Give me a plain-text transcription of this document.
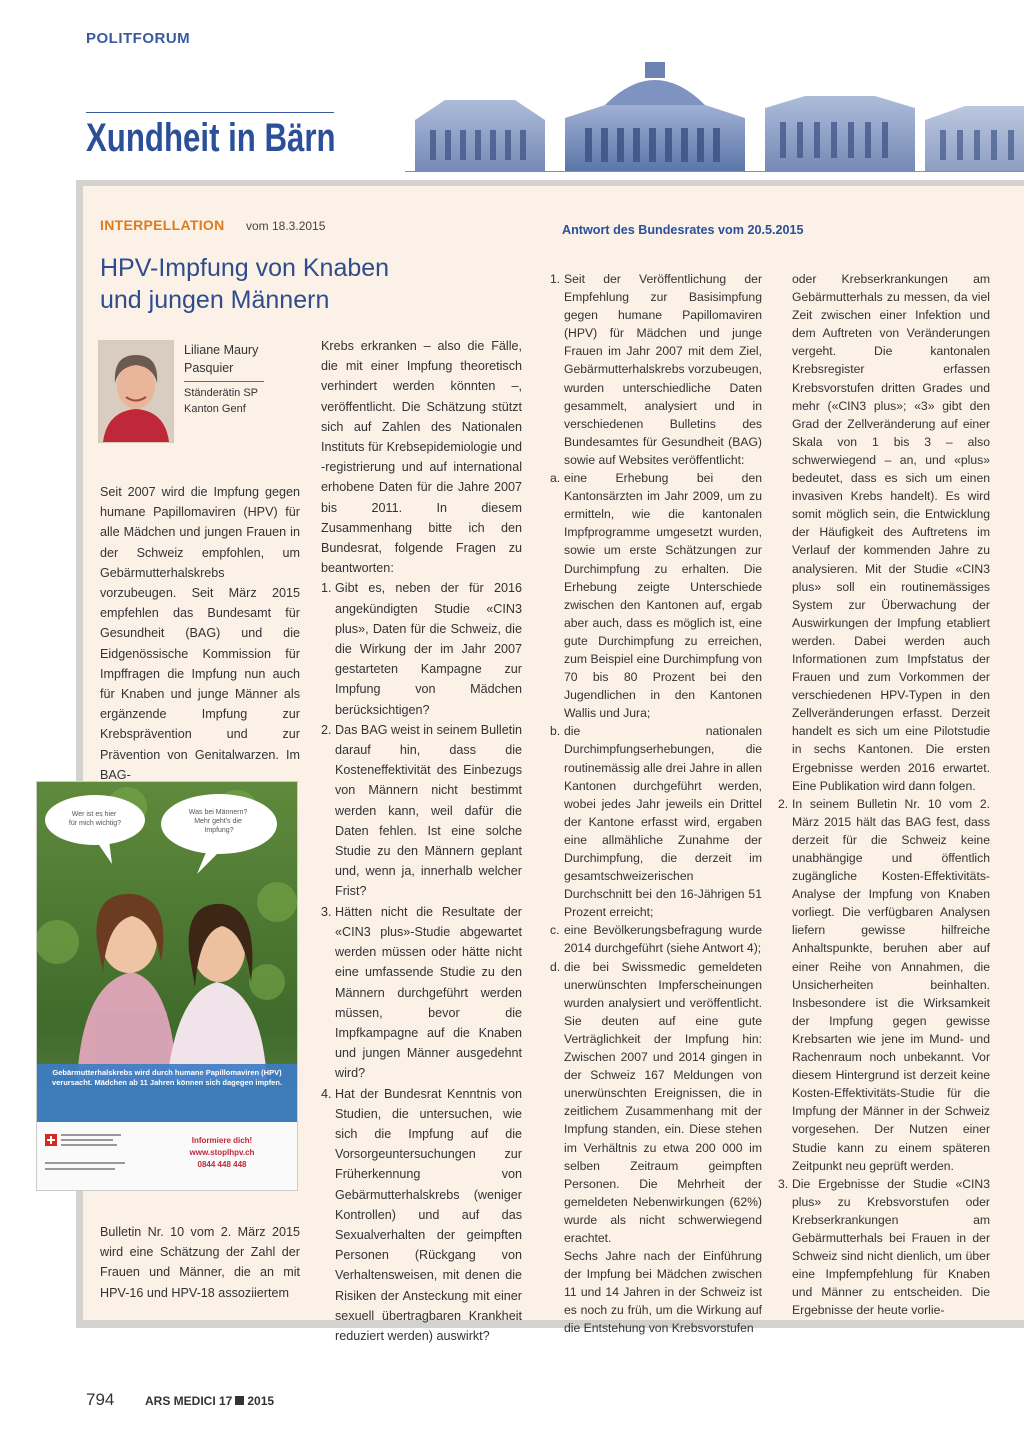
POLITFORUM
Xundheit in Bärn
INTERPELLATION vom 18.3.2015
HPV-Impfung von Knaben
und jungen Männern
Liliane Maury
Pasquier
Ständerätin SP
Kanton Genf

Seit 2007 wird die Impfung gegen humane Papillomaviren (HPV) für alle Mädchen und jungen Frauen in der Schweiz empfohlen, um Gebärmutterhalskrebs vorzubeugen. Seit März 2015 empfehlen das Bundesamt für Gesundheit (BAG) und die Eidgenössische Kommission für Impffragen die Impfung nun auch für Knaben und junge Männer als ergänzende Impfung zur Krebsprävention und zur Prävention von Genitalwarzen. Im BAG-

Bulletin Nr. 10 vom 2. März 2015 wird eine Schätzung der Zahl der Frauen und Männer, die an mit HPV-16 und HPV-18 assoziiertem

Wer ist es hier für mich wichtig?
Was bei Männern? Mehr geht's die Impfung?
Gebärmutterhalskrebs wird durch humane Papillomaviren (HPV) verursacht. Mädchen ab 11 Jahren können sich dagegen impfen.
Informiere dich!
www.stoplhpv.ch
0844 448 448

Krebs erkranken – also die Fälle, die mit einer Impfung theoretisch verhindert werden könnten –, veröffentlicht. Die Schätzung stützt sich auf Zahlen des Nationalen Instituts für Krebsepidemiologie und -registrierung und auf international erhobene Daten für die Jahre 2007 bis 2011. In diesem Zusammenhang bitte ich den Bundesrat, folgende Fragen zu beantworten:

1. Gibt es, neben der für 2016 angekündigten Studie «CIN3 plus», Daten für die Schweiz, die die Wirkung der im Jahr 2007 gestarteten Kampagne zur Impfung von Mädchen berücksichtigen?
2. Das BAG weist in seinem Bulletin darauf hin, dass die Kosteneffektivität des Einbezugs von Männern nicht bestimmt werden kann, weil dafür die Daten fehlen. Ist eine solche Studie zu den Männern geplant und, wenn ja, innerhalb welcher Frist?
3. Hätten nicht die Resultate der «CIN3 plus»-Studie abgewartet werden müssen oder hätte nicht eine umfassende Studie zu den Männern durchgeführt werden müssen, bevor die Impfkampagne auf die Knaben und jungen Männer ausgedehnt wird?
4. Hat der Bundesrat Kenntnis von Studien, die untersuchen, wie sich die Impfung auf die Vorsorgeuntersuchungen zur Früherkennung von Gebärmutterhalskrebs (weniger Kontrollen) und auf das Sexualverhalten der geimpften Personen (Rückgang von Verhaltensweisen, mit denen die Risiken der Ansteckung mit einer sexuell übertragbaren Krankheit reduziert werden) auswirkt?
Antwort des Bundesrates vom 20.5.2015
1. Seit der Veröffentlichung der Empfehlung zur Basisimpfung gegen humane Papillomaviren (HPV) für Mädchen und junge Frauen im Jahr 2007 mit dem Ziel, Gebärmutterhalskrebs vorzubeugen, wurden unterschiedliche Daten gesammelt, analysiert und in verschiedenen Bulletins des Bundesamtes für Gesundheit (BAG) sowie auf Websites veröffentlicht:
a. eine Erhebung bei den Kantonsärzten im Jahr 2009, um zu ermitteln, wie die kantonalen Impfprogramme umgesetzt wurden, sowie um erste Schätzungen zur Durchimpfung zu erhalten. Die Erhebung zeigte Unterschiede zwischen den Kantonen auf, ergab aber auch, dass es möglich ist, eine gute Durchimpfung zu erreichen, zum Beispiel eine Durchimpfung von 70 bis 80 Prozent bei den Jugendlichen in den Kantonen Wallis und Jura;
b. die nationalen Durchimpfungserhebungen, die routinemässig alle drei Jahre in allen Kantonen durchgeführt werden, wobei jedes Jahr jeweils ein Drittel der Kantone erfasst wird, ergaben eine allmähliche Zunahme der Durchimpfung, die derzeit im gesamtschweizerischen Durchschnitt bei den 16-Jährigen 51 Prozent erreicht;
c. eine Bevölkerungsbefragung wurde 2014 durchgeführt (siehe Antwort 4);
d. die bei Swissmedic gemeldeten unerwünschten Impferscheinungen wurden analysiert und veröffentlicht. Sie deuten auf eine gute Verträglichkeit der Impfung hin: Zwischen 2007 und 2014 gingen in der Schweiz 167 Meldungen von unerwünschten Ereignissen, die in zeitlichem Zusammenhang mit der Impfung standen, ein. Diese stehen im Verhältnis zu etwa 200 000 im selben Zeitraum geimpften Personen. Die Mehrheit der gemeldeten Nebenwirkungen (62%) wurde als nicht schwerwiegend erachtet.
Sechs Jahre nach der Einführung der Impfung bei Mädchen zwischen 11 und 14 Jahren in der Schweiz ist es noch zu früh, um die Wirkung auf die Entstehung von Krebsvorstufen
oder Krebserkrankungen am Gebärmutterhals zu messen, da viel Zeit zwischen einer Infektion und dem Auftreten von Veränderungen vergeht. Die kantonalen Krebsregister erfassen Krebsvorstufen dritten Grades und mehr («CIN3 plus»; «3» gibt den Grad der Zellveränderung auf einer Skala von 1 bis 3 – also schwerwiegend – an, und «plus» bedeutet, dass es sich um einen invasiven Krebs handelt). Es wird somit möglich sein, die Entwicklung der Häufigkeit des Auftretens im Verlauf der kommenden Jahre zu analysieren. Mit der Studie «CIN3 plus» soll ein routinemässiges System zur Überwachung der Auswirkungen der Impfung etabliert werden. Dabei werden auch Informationen zum Impfstatus der Frauen und zum Vorkommen der verschiedenen HPV-Typen in den Zellveränderungen erfasst. Derzeit handelt es sich um eine Pilotstudie in sechs Kantonen. Die ersten Ergebnisse werden 2016 erwartet. Eine Publikation wird dann folgen.
2. In seinem Bulletin Nr. 10 vom 2. März 2015 hält das BAG fest, dass derzeit für die Schweiz keine unabhängige und öffentlich zugängliche Kosten-Effektivitäts-Analyse der Impfung von Knaben vorliegt. Die verfügbaren Analysen liefern gewisse hilfreiche Anhaltspunkte, beruhen aber auf einer Reihe von Annahmen, die Unsicherheiten beinhalten. Insbesondere ist die Wirksamkeit der Impfung gegen gewisse Krebsarten wie jene im Mund- und Rachenraum noch unbekannt. Vor diesem Hintergrund ist derzeit keine Kosten-Effektivitäts-Studie für die Impfung der Männer in der Schweiz vorgesehen. Der Nutzen einer Studie kann zu einem späteren Zeitpunkt neu geprüft werden.
3. Die Ergebnisse der Studie «CIN3 plus» zu Krebsvorstufen oder Krebserkrankungen am Gebärmutterhals bei Frauen in der Schweiz sind nicht dienlich, um über eine Impfempfehlung für Knaben und Männer zu entscheiden. Die Ergebnisse der heute vorlie-
794	ARS MEDICI 17 2015
